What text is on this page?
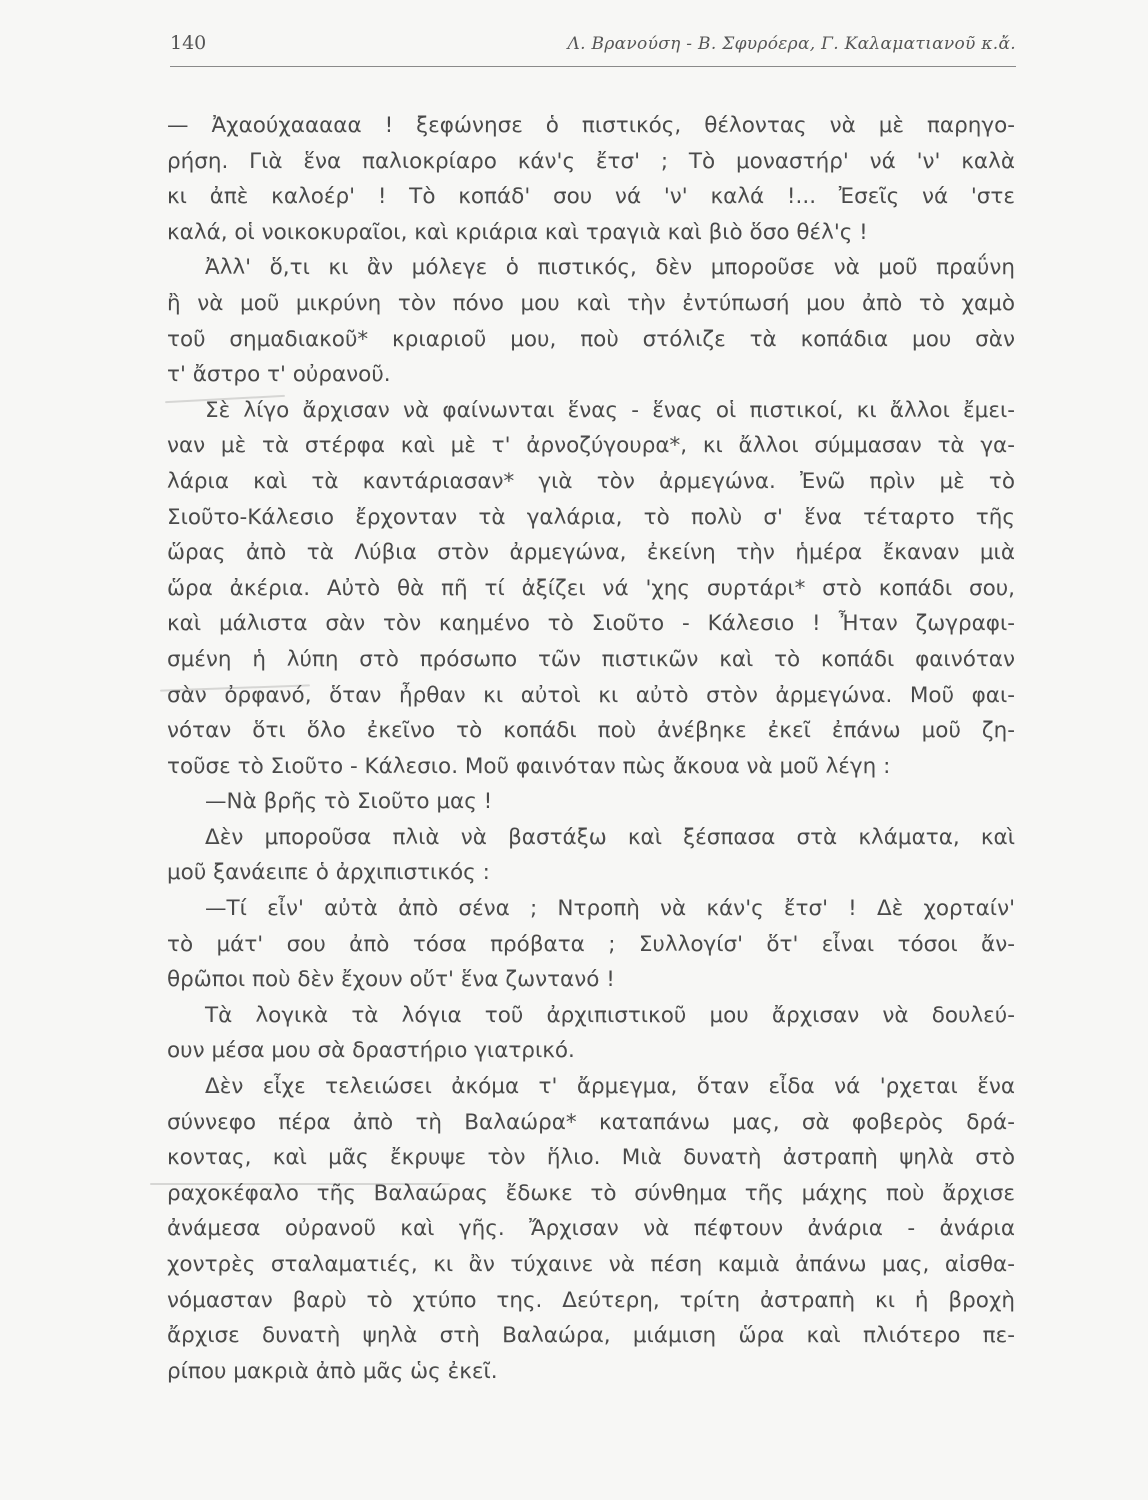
140	Λ. Βρανούση - Β. Σφυρόερα, Γ. Καλαματιανοῦ κ.ἄ.
— Ἀχαούχααααα ! ξεφώνησε ὁ πιστικός, θέλοντας νὰ μὲ παρηγο-
ρήση. Γιὰ ἕνα παλιοκρίαρο κάν'ς ἔτσ' ; Τὸ μοναστήρ' νά 'ν' καλὰ
κι ἀπὲ καλοέρ' ! Τὸ κοπάδ' σου νά 'ν' καλά !... Ἐσεῖς νά 'στε
καλά, οἱ νοικοκυραῖοι, καὶ κριάρια καὶ τραγιὰ καὶ βιὸ ὅσο θέλ'ς !
Ἀλλ' ὅ,τι κι ἂν μόλεγε ὁ πιστικός, δὲν μποροῦσε νὰ μοῦ πραΰνη
ἢ νὰ μοῦ μικρύνη τὸν πόνο μου καὶ τὴν ἐντύπωσή μου ἀπὸ τὸ χαμὸ
τοῦ σημαδιακοῦ* κριαριοῦ μου, ποὺ στόλιζε τὰ κοπάδια μου σὰν
τ' ἄστρο τ' οὐρανοῦ.
Σὲ λίγο ἄρχισαν νὰ φαίνωνται ἕνας - ἕνας οἱ πιστικοί, κι ἄλλοι ἔμει-
ναν μὲ τὰ στέρφα καὶ μὲ τ' ἀρνοζύγουρα*, κι ἄλλοι σύμμασαν τὰ γα-
λάρια καὶ τὰ καντάριασαν* γιὰ τὸν ἀρμεγώνα. Ἐνῶ πρὶν μὲ τὸ
Σιοῦτο-Κάλεσιο ἔρχονταν τὰ γαλάρια, τὸ πολὺ σ' ἕνα τέταρτο τῆς
ὥρας ἀπὸ τὰ Λύβια στὸν ἀρμεγώνα, ἐκείνη τὴν ἡμέρα ἔκαναν μιὰ
ὥρα ἀκέρια. Αὐτὸ θὰ πῆ τί ἀξίζει νά 'χης συρτάρι* στὸ κοπάδι σου,
καὶ μάλιστα σὰν τὸν καημένο τὸ Σιοῦτο - Κάλεσιο ! Ἦταν ζωγραφι-
σμένη ἡ λύπη στὸ πρόσωπο τῶν πιστικῶν καὶ τὸ κοπάδι φαινόταν
σὰν ὀρφανό, ὅταν ἦρθαν κι αὐτοὶ κι αὐτὸ στὸν ἀρμεγώνα. Μοῦ φαι-
νόταν ὅτι ὅλο ἐκεῖνο τὸ κοπάδι ποὺ ἀνέβηκε ἐκεῖ ἐπάνω μοῦ ζη-
τοῦσε τὸ Σιοῦτο - Κάλεσιο. Μοῦ φαινόταν πὼς ἄκουα νὰ μοῦ λέγη :
—Νὰ βρῆς τὸ Σιοῦτο μας !
Δὲν μποροῦσα πλιὰ νὰ βαστάξω καὶ ξέσπασα στὰ κλάματα, καὶ
μοῦ ξανάειπε ὁ ἀρχιπιστικός :
—Τί εἶν' αὐτὰ ἀπὸ σένα ; Ντροπὴ νὰ κάν'ς ἔτσ' ! Δὲ χορταίν'
τὸ μάτ' σου ἀπὸ τόσα πρόβατα ; Συλλογίσ' ὅτ' εἶναι τόσοι ἄν-
θρῶποι ποὺ δὲν ἔχουν οὔτ' ἕνα ζωντανό !
Τὰ λογικὰ τὰ λόγια τοῦ ἀρχιπιστικοῦ μου ἄρχισαν νὰ δουλεύ-
ουν μέσα μου σὰ δραστήριο γιατρικό.
Δὲν εἶχε τελειώσει ἀκόμα τ' ἄρμεγμα, ὅταν εἶδα νά 'ρχεται ἕνα
σύννεφο πέρα ἀπὸ τὴ Βαλαώρα* καταπάνω μας, σὰ φοβερὸς δρά-
κοντας, καὶ μᾶς ἔκρυψε τὸν ἥλιο. Μιὰ δυνατὴ ἀστραπὴ ψηλὰ στὸ
ραχοκέφαλο τῆς Βαλαώρας ἔδωκε τὸ σύνθημα τῆς μάχης ποὺ ἄρχισε
ἀνάμεσα οὐρανοῦ καὶ γῆς. Ἄρχισαν νὰ πέφτουν ἀνάρια - ἀνάρια
χοντρὲς σταλαματιές, κι ἂν τύχαινε νὰ πέση καμιὰ ἀπάνω μας, αἰσθα-
νόμασταν βαρὺ τὸ χτύπο της. Δεύτερη, τρίτη ἀστραπὴ κι ἡ βροχὴ
ἄρχισε δυνατὴ ψηλὰ στὴ Βαλαώρα, μιάμιση ὥρα καὶ πλιότερο πε-
ρίπου μακριὰ ἀπὸ μᾶς ὡς ἐκεῖ.
